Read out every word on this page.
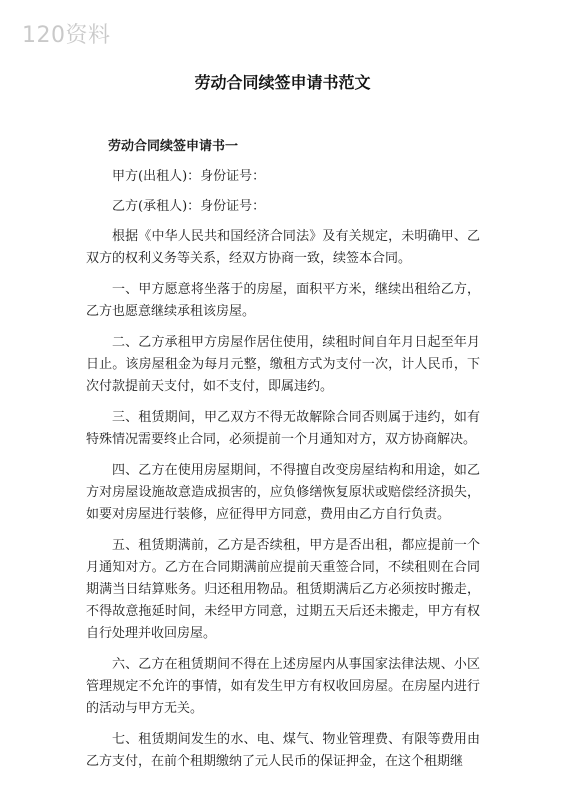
120资料
劳动合同续签申请书范文
劳动合同续签申请书一
甲方(出租人)：身份证号：
乙方(承租人)：身份证号：

根据《中华人民共和国经济合同法》及有关规定，未明确甲、乙双方的权利义务等关系，经双方协商一致，续签本合同。

一、甲方愿意将坐落于的房屋，面积平方米，继续出租给乙方，乙方也愿意继续承租该房屋。

二、乙方承租甲方房屋作居住使用，续租时间自年月日起至年月日止。该房屋租金为每月元整，缴租方式为支付一次，计人民币，下次付款提前天支付，如不支付，即属违约。

三、租赁期间，甲乙双方不得无故解除合同否则属于违约，如有特殊情况需要终止合同，必须提前一个月通知对方，双方协商解决。

四、乙方在使用房屋期间，不得擅自改变房屋结构和用途，如乙方对房屋设施故意造成损害的，应负修缮恢复原状或赔偿经济损失，如要对房屋进行装修，应征得甲方同意，费用由乙方自行负责。

五、租赁期满前，乙方是否续租，甲方是否出租，都应提前一个月通知对方。乙方在合同期满前应提前天重签合同，不续租则在合同期满当日结算账务。归还租用物品。租赁期满后乙方必须按时搬走，不得故意拖延时间，未经甲方同意，过期五天后还未搬走，甲方有权自行处理并收回房屋。

六、乙方在租赁期间不得在上述房屋内从事国家法律法规、小区管理规定不允许的事情，如有发生甲方有权收回房屋。在房屋内进行的活动与甲方无关。

七、租赁期间发生的水、电、煤气、物业管理费、有限等费用由乙方支付，在前个租期缴纳了元人民币的保证押金，在这个租期继
